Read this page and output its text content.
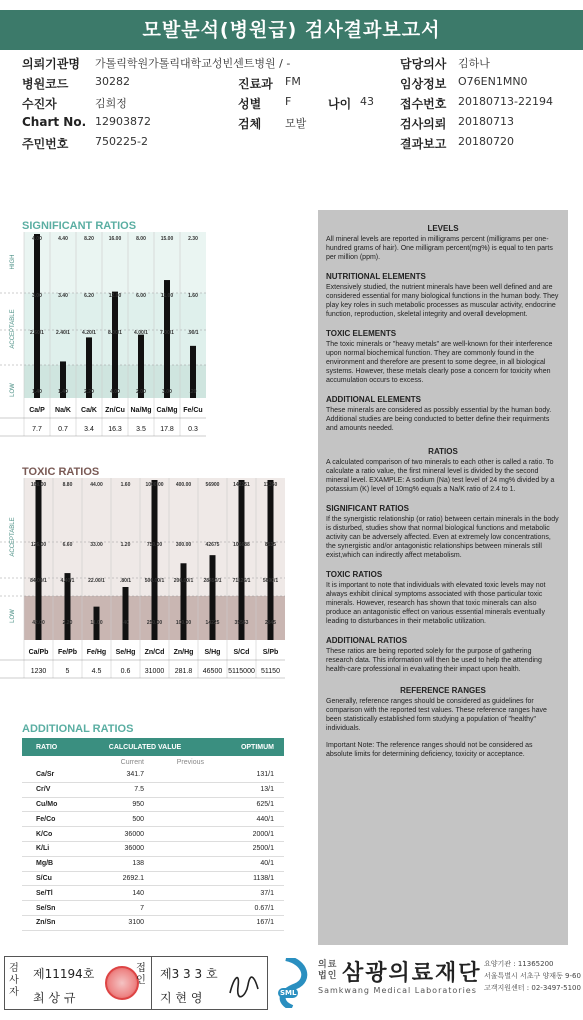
모발분석(병원급) 검사결과보고서
의뢰기관명 가톨릭학원가톨릭대학교성빈센트병원 / -	담당의사 김하나
병원코드 30282	진료과 FM	임상정보 O76EN1MN0
수진자	김희정	성별 F	나이 43 접수번호 20180713-22194
Chart No. 12903872	검체 모발	검사의뢰 20180713
주민번호 750225-2	결과보고 20180720
SIGNIFICANT RATIOS
TOXIC RATIOS
HIGH
ACCEPTABLE
LOW
4.00
3.00
2.60/1
1.40
Ca/P
7.7
4.40
3.40
2.40/1
1.40
Na/K
0.7
8.20
6.20
4.20/1
2.20
Ca/K
3.4
16.00
12.00
8.00/1
4.00
Zn/Cu
16.3
8.00
6.00
4.00/1
2.00
Na/Mg
3.5
15.00
11.00
7.00/1
3.00
Ca/Mg
17.8
2.30
1.60
.90/1
.20
Fe/Cu
0.3
ACCEPTABLE
LOW
168.00
126.00
84.00/1
42.00
Ca/Pb
1230
8.80
6.60
4.40/1
2.20
Fe/Pb
5
44.00
33.00
22.00/1
11.00
Fe/Hg
4.5
1.60
1.20
.80/1
.40
Se/Hg
0.6
1000.00
750.00
500.00/1
250.00
Zn/Cd
31000
400.00
300.00
200.00/1
100.00
Zn/Hg
281.8
56900
42675
28450/1
14225
S/Hg
46500
142251
106688
71125/1
35563
S/Cd
5115000
11360
8535
5690/1
2845
S/Pb
51150
ADDITIONAL RATIOS
RATIO	CALCULATED VALUE	OPTIMUM
Current	Previous
Ca/Sr	341.7	131/1
Cr/V	7.5	13/1
Cu/Mo	950	625/1
Fe/Co	500	440/1
K/Co	36000	2000/1
K/Li	36000	2500/1
Mg/B	138	40/1
S/Cu	2692.1	1138/1
Se/Tl	140	37/1
Se/Sn	7	0.67/1
Zn/Sn	3100	167/1
LEVELS
All mineral levels are reported in milligrams percent (milligrams per one-hundred grams of hair). One milligram percent(mg%) is equal to ten parts per million (ppm).
NUTRITIONAL ELEMENTS
Extensively studied, the nutrient minerals have been well defined and are considered essential for many biological functions in the human body. They play key roles in such metabolic processes as muscular activity, endocrine function, reproduction, skeletal integrity and overall development.
TOXIC ELEMENTS
The toxic minerals or "heavy metals" are well-known for their interference upon normal biochemical function. They are commonly found in the environment and therefore are present to some degree, in all biological systems. However, these metals clearly pose a concern for toxicity when accumulation occurs to excess.
ADDITIONAL ELEMENTS
These minerals are considered as possibly essential by the human body. Additional studies are being conducted to better define their requirments and amounts needed.
RATIOS
A calculated comparison of two minerals to each other is called a ratio. To calculate a ratio value, the first mineral level is divided by the second mineral level. EXAMPLE: A sodium (Na) test level of 24 mg% divided by a potassium (K) level of 10mg% equals a Na/K ratio of 2.4 to 1.
SIGNIFICANT RATIOS
If the synergistic relationship (or ratio) between certain minerals in the body is disturbed, studies show that normal biological functions and metabolic activity can be adversely affected. Even at extremely low concentrations, the synergistic and/or antagonistic relationships between minerals still exist,which can indirectly affect metabolism.
TOXIC RATIOS
It is important to note that individuals with elevated toxic levels may not always exhibit clinical symptoms associated with those particular toxic minerals. However, research has shown that toxic minerals can also produce an antagonistic effect on various essential minerals eventually leading to disturbances in their metabolic utilization.
ADDITIONAL RATIOS
These ratios are being reported solely for the purpose of gathering research data. This information will then be used to help the attending health-care professional in evaluating their impact upon health.
REFERENCE RANGES
Generally, reference ranges should be considered as guidelines for comparison with the reported test values. These reference ranges have been statistically established form studying a population of "healthy" individuals.
Important Note: The reference ranges should not be considered as absolute limits for determining deficiency, toxicity or acceptance.
검사자
제11194호
최 상 규
접인 제3 3 3 호
지 현 영	SML
의료법인 삼광의료재단
Samkwang Medical Laboratories
요양기관 : 11365200
서울특별시 서초구 양재동 9-60
고객지원센터 : 02-3497-5100
